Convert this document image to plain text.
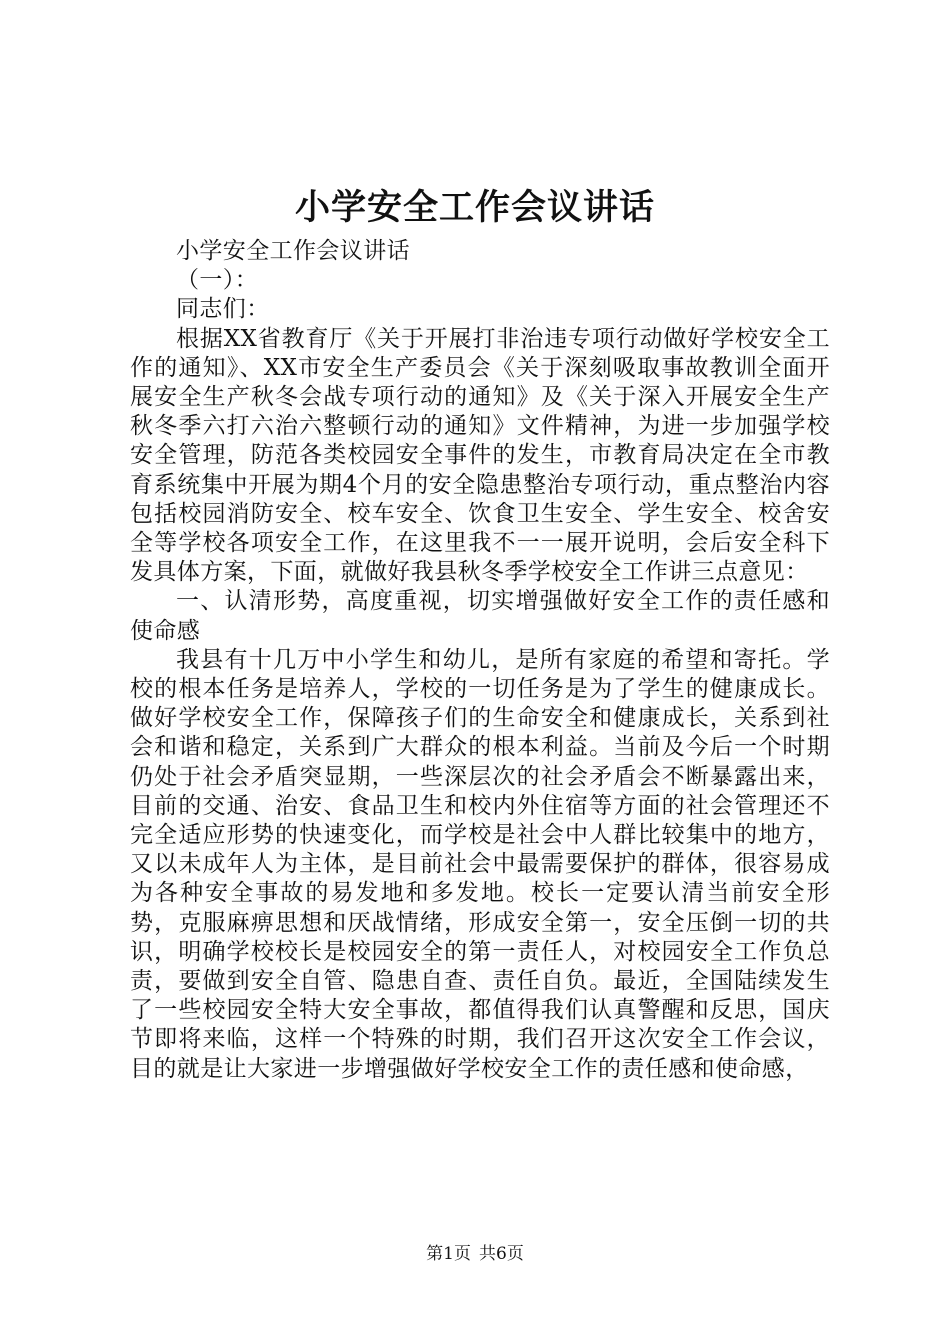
小学安全工作会议讲话

小学安全工作会议讲话

（一）：

同志们：

根据XX省教育厅《关于开展打非治违专项行动做好学校安全工作的通知》、XX市安全生产委员会《关于深刻吸取事故教训全面开展安全生产秋冬会战专项行动的通知》及《关于深入开展安全生产秋冬季六打六治六整顿行动的通知》文件精神，为进一步加强学校安全管理，防范各类校园安全事件的发生，市教育局决定在全市教育系统集中开展为期4个月的安全隐患整治专项行动，重点整治内容包括校园消防安全、校车安全、饮食卫生安全、学生安全、校舍安全等学校各项安全工作，在这里我不一一展开说明，会后安全科下发具体方案，下面，就做好我县秋冬季学校安全工作讲三点意见：

一、认清形势，高度重视，切实增强做好安全工作的责任感和使命感

我县有十几万中小学生和幼儿，是所有家庭的希望和寄托。学校的根本任务是培养人，学校的一切任务是为了学生的健康成长。做好学校安全工作，保障孩子们的生命安全和健康成长，关系到社会和谐和稳定，关系到广大群众的根本利益。当前及今后一个时期仍处于社会矛盾突显期，一些深层次的社会矛盾会不断暴露出来，目前的交通、治安、食品卫生和校内外住宿等方面的社会管理还不完全适应形势的快速变化，而学校是社会中人群比较集中的地方，又以未成年人为主体，是目前社会中最需要保护的群体，很容易成为各种安全事故的易发地和多发地。校长一定要认清当前安全形势，克服麻痹思想和厌战情绪，形成安全第一，安全压倒一切的共识，明确学校校长是校园安全的第一责任人，对校园安全工作负总责，要做到安全自管、隐患自查、责任自负。最近，全国陆续发生了一些校园安全特大安全事故，都值得我们认真警醒和反思，国庆节即将来临，这样一个特殊的时期，我们召开这次安全工作会议，目的就是让大家进一步增强做好学校安全工作的责任感和使命感，

第1页 共6页
